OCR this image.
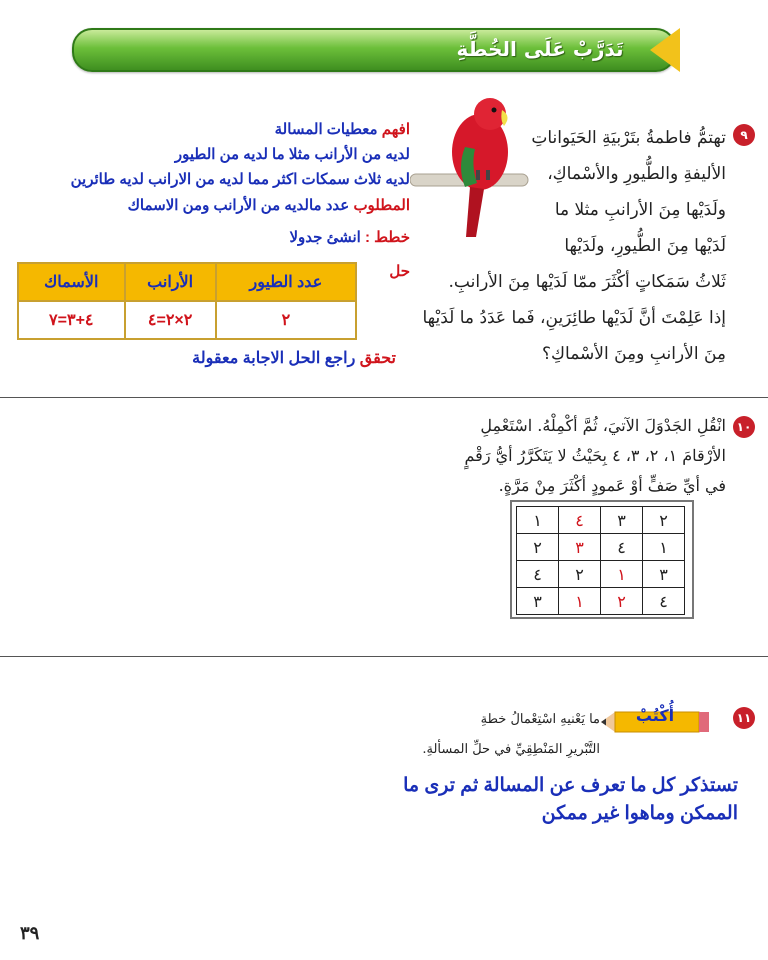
تَدَرَّبْ عَلَى الخُطَّةِ
٩
تهتمُّ فاطمةُ بتَرْبيَةِ الحَيَواناتِ
الأليفةِ والطُّيورِ والأسْماكِ،
ولَدَيْها مِنَ الأرانبِ مثلا ما
لَدَيْها مِنَ الطُّيورِ، ولَدَيْها
ثَلاثُ سَمَكاتٍ أكْثَرَ ممّا لَدَيْها مِنَ الأرانبِ.
إذا عَلِمْتَ أنَّ لَدَيْها طائِرَينِ، فَما عَدَدُ ما لَدَيْها
مِنَ الأرانبِ ومِنَ الأسْماكِ؟
افهم معطيات المسالة
لديه من الأرانب مثلا ما لديه من الطيور
لديه ثلاث سمكات اكثر مما لديه من الارانب لديه طائرين
المطلوب عدد مالديه من الأرانب ومن الاسماك
خطط : انشئ جدولا
حل
عدد الطيور	الأرانب	الأسماك
٢	٢×٢=٤	٤+٣=٧
تحقق راجع الحل الاجابة معقولة
١٠
انْقُلِ الجَدْوَلَ الآتيَ، ثُمَّ أكْمِلْهُ. اسْتَعْمِلِ
الأرْقامَ ١، ٢، ٣، ٤ بِحَيْثُ لا يَتَكَرَّرُ أيُّ رَقْمٍ
في أيِّ صَفٍّ أوْ عَمودٍ أكْثَرَ مِنْ مَرَّةٍ.
٢	٣	٤	١
١	٤	٣	٢
٣	١	٢	٤
٤	٢	١	٣
١١
أُكْتُبْ
ما يَعْنيهِ اسْتِعْمالُ خطةِ
التَّبْريرِ المَنْطِقِيِّ في حلِّ المسألةِ.
تستذكر كل ما تعرف عن المسالة ثم ترى ما
الممكن وماهوا غير ممكن
٣٩
